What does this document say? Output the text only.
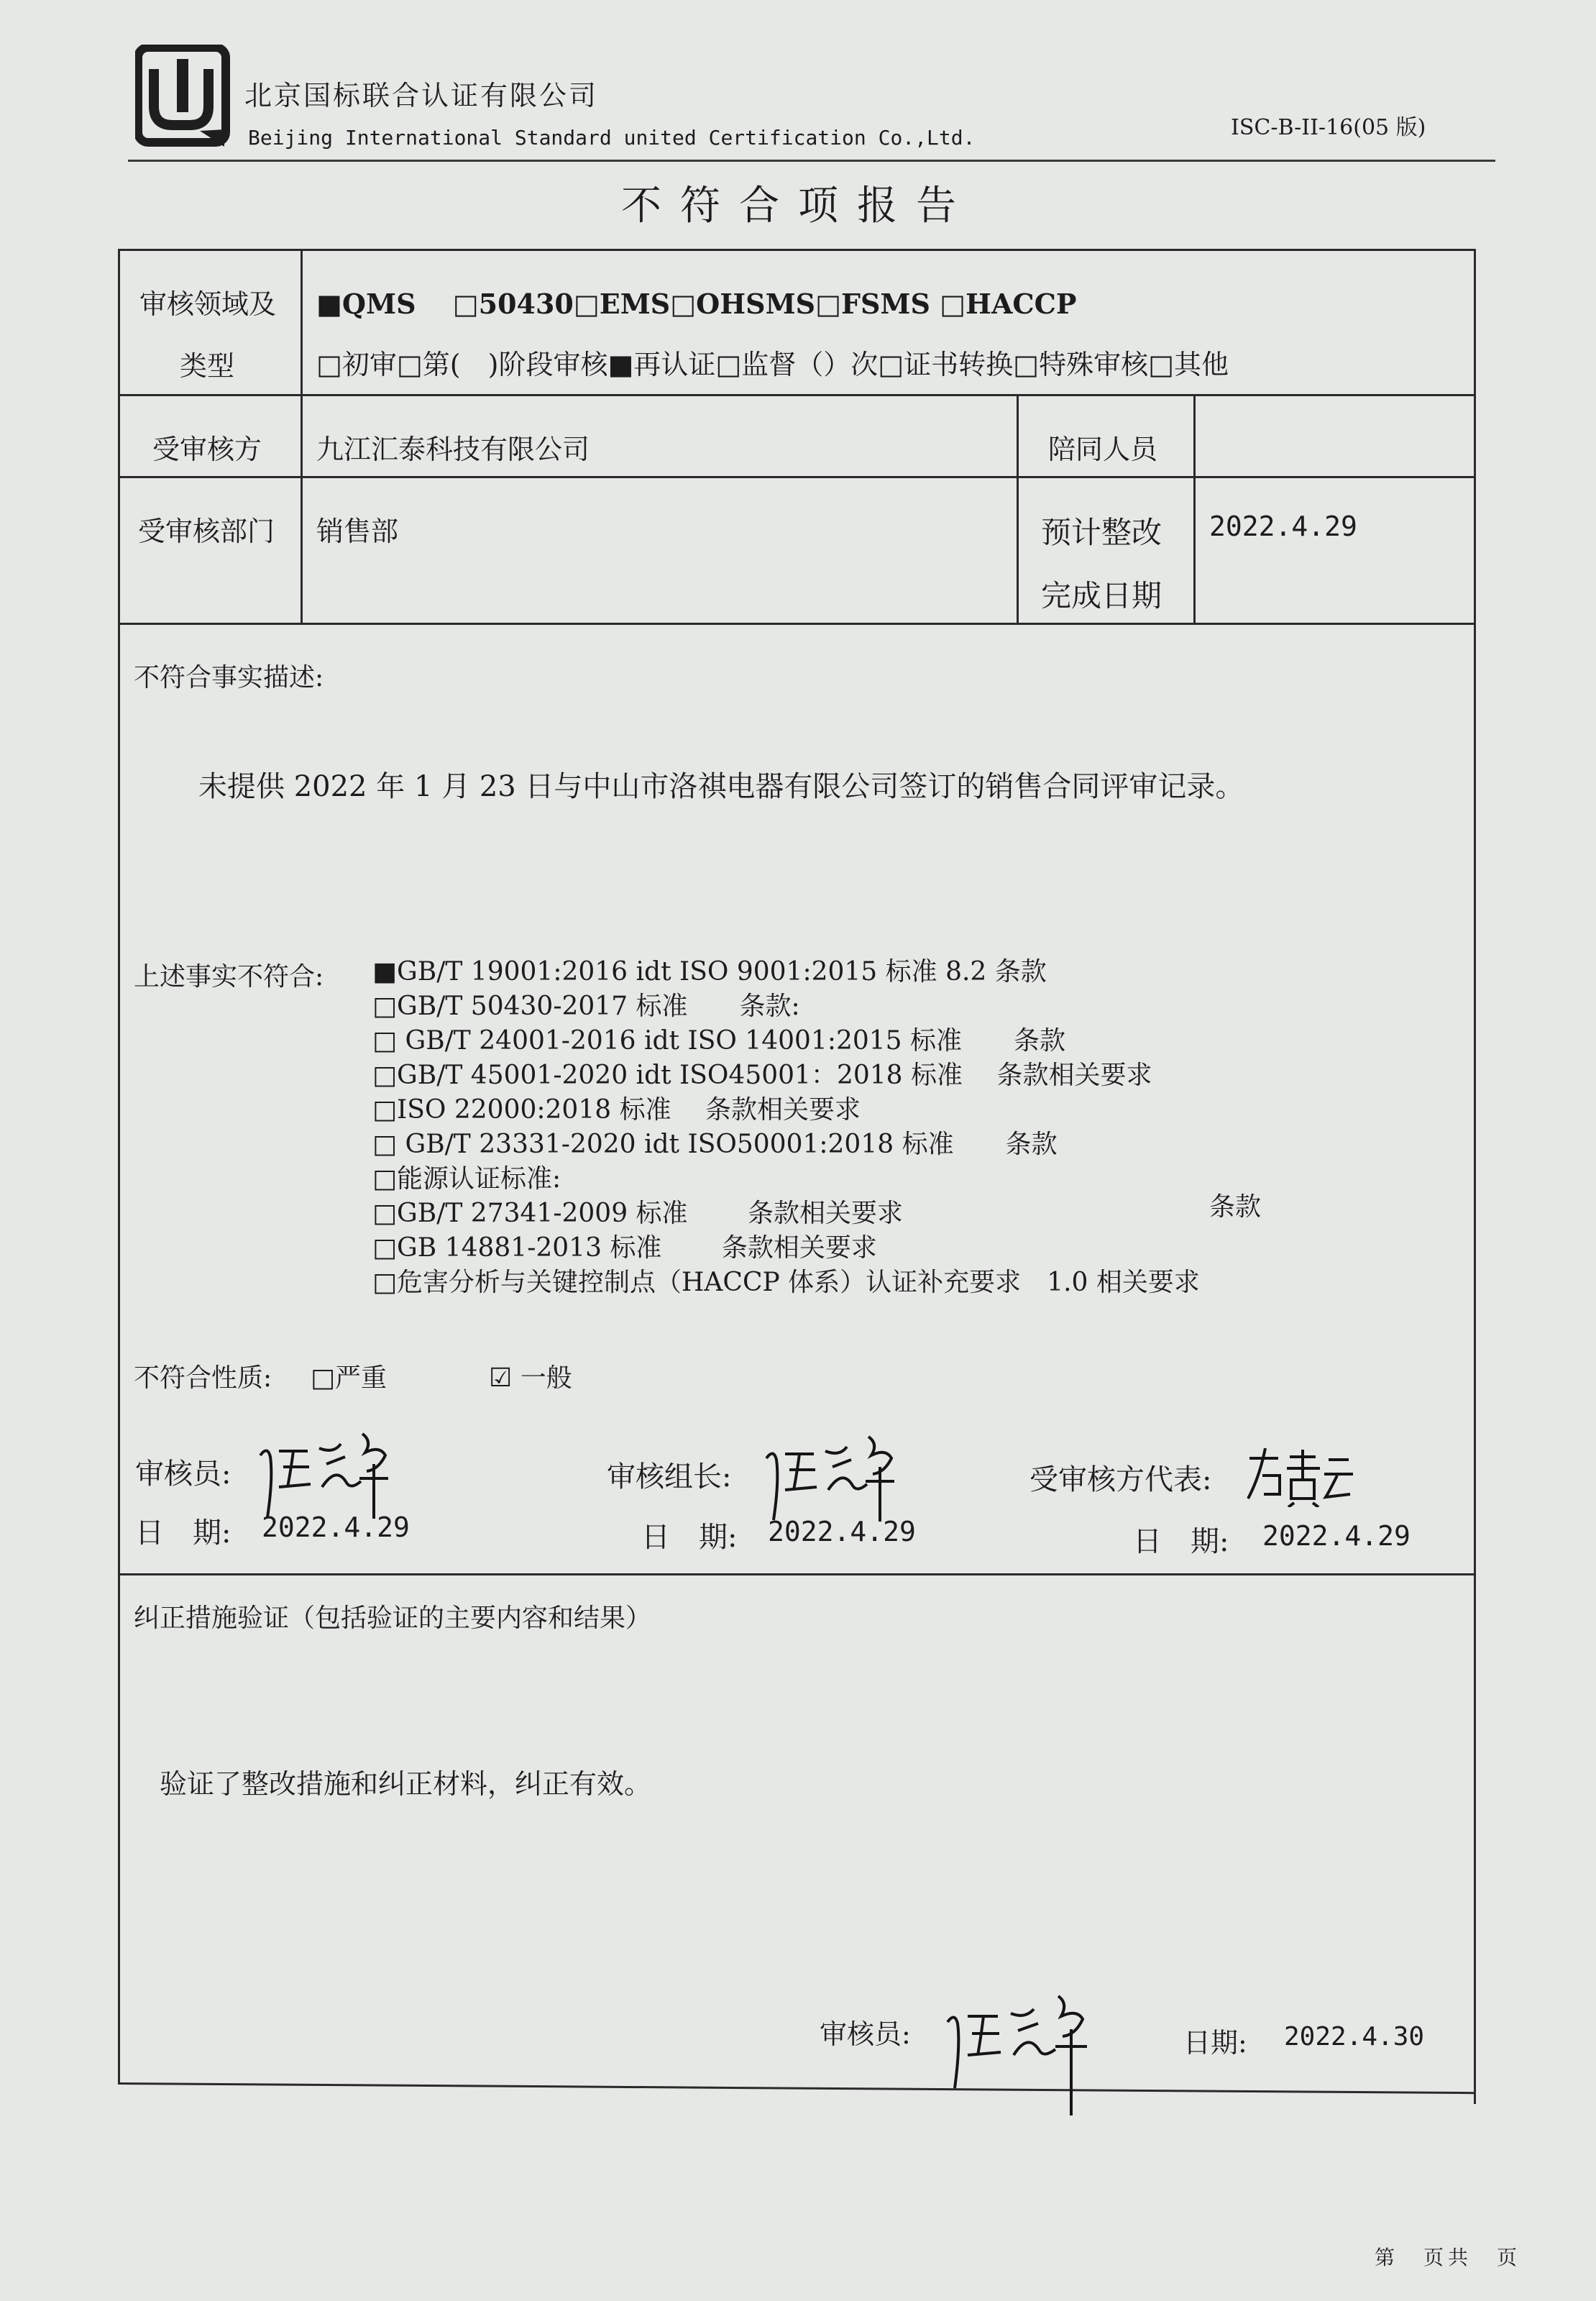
北京国标联合认证有限公司
Beijing International Standard united Certification Co.,Ltd.	ISC-B-II-16(05 版)
不符合项报告
审核领域及
类型
■QMS　 □50430□EMS□OHSMS□FSMS □HACCP
□初审□第(　)阶段审核■再认证□监督（）次□证书转换□特殊审核□其他
受审核方 九江汇泰科技有限公司	陪同人员
受审核部门 销售部	预计整改
完成日期
2022.4.29
不符合事实描述:
未提供 2022 年 1 月 23 日与中山市洛祺电器有限公司签订的销售合同评审记录。
上述事实不符合: ■GB/T 19001:2016 idt ISO 9001:2015 标准 8.2 条款
□GB/T 50430-2017 标准　　条款:
□ GB/T 24001-2016 idt ISO 14001:2015 标准　　条款
□GB/T 45001-2020 idt ISO45001：2018 标准　 条款相关要求
□ISO 22000:2018 标准　 条款相关要求
□ GB/T 23331-2020 idt ISO50001:2018 标准　　条款
□能源认证标准:
□GB/T 27341-2009 标准　　 条款相关要求
□GB 14881-2013 标准　　 条款相关要求
□危害分析与关键控制点（HACCP 体系）认证补充要求　1.0 相关要求
条款
不符合性质: □严重	☑ 一般
审核员:
日　期: 2022.4.29
审核组长:
日　期: 2022.4.29
受审核方代表:
日　期: 2022.4.29
纠正措施验证（包括验证的主要内容和结果）
验证了整改措施和纠正材料，纠正有效。
审核员:	日期: 2022.4.30
第　页共　页
